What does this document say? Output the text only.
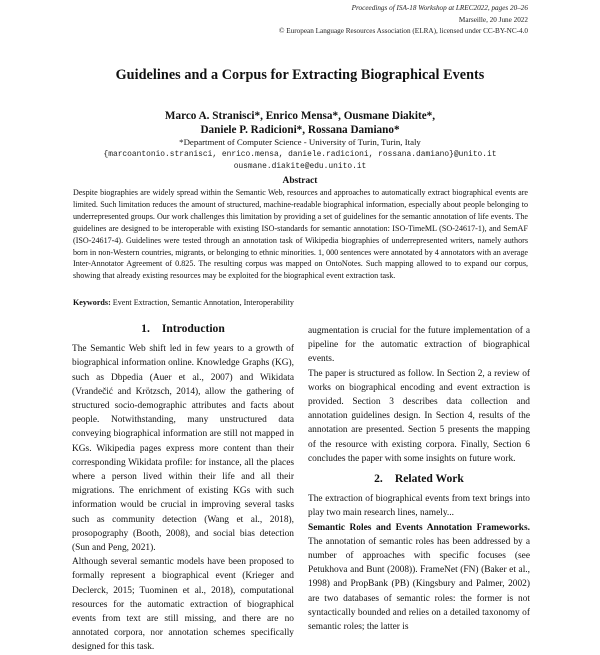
Proceedings of ISA-18 Workshop at LREC2022, pages 20–26
Marseille, 20 June 2022
© European Language Resources Association (ELRA), licensed under CC-BY-NC-4.0
Guidelines and a Corpus for Extracting Biographical Events
Marco A. Stranisci*, Enrico Mensa*, Ousmane Diakite*,
Daniele P. Radicioni*, Rossana Damiano*
*Department of Computer Science - University of Turin, Turin, Italy
{marcoantonio.stranisci, enrico.mensa, daniele.radicioni, rossana.damiano}@unito.it
ousmane.diakite@edu.unito.it
Abstract
Despite biographies are widely spread within the Semantic Web, resources and approaches to automatically extract biographical events are limited. Such limitation reduces the amount of structured, machine-readable biographical information, especially about people belonging to underrepresented groups. Our work challenges this limitation by providing a set of guidelines for the semantic annotation of life events. The guidelines are designed to be interoperable with existing ISO-standards for semantic annotation: ISO-TimeML (SO-24617-1), and SemAF (ISO-24617-4). Guidelines were tested through an annotation task of Wikipedia biographies of underrepresented writers, namely authors born in non-Western countries, migrants, or belonging to ethnic minorities. 1, 000 sentences were annotated by 4 annotators with an average Inter-Annotator Agreement of 0.825. The resulting corpus was mapped on OntoNotes. Such mapping allowed to to expand our corpus, showing that already existing resources may be exploited for the biographical event extraction task.
Keywords: Event Extraction, Semantic Annotation, Interoperability
1. Introduction

The Semantic Web shift led in few years to a growth of biographical information online. Knowledge Graphs (KG), such as Dbpedia (Auer et al., 2007) and Wikidata (Vrandečić and Krötzsch, 2014), allow the gathering of structured socio-demographic attributes and facts about people. Notwithstanding, many unstructured data conveying biographical information are still not mapped in KGs. Wikipedia pages express more content than their corresponding Wikidata profile: for instance, all the places where a person lived within their life and all their migrations. The enrichment of existing KGs with such information would be crucial in improving several tasks such as community detection (Wang et al., 2018), prosopography (Booth, 2008), and social bias detection (Sun and Peng, 2021).

Although several semantic models have been proposed to formally represent a biographical event (Krieger and Declerck, 2015; Tuominen et al., 2018), computational resources for the automatic extraction of biographical events from text are still missing, and there are no annotated corpora, nor annotation schemes specifically designed for this task.

augmentation is crucial for the future implementation of a pipeline for the automatic extraction of biographical events.

The paper is structured as follow. In Section 2, a review of works on biographical encoding and event extraction is provided. Section 3 describes data collection and annotation guidelines design. In Section 4, results of the annotation are presented. Section 5 presents the mapping of the resource with existing corpora. Finally, Section 6 concludes the paper with some insights on future work.

2. Related Work

The extraction of biographical events from text brings into play two main research lines, namely...

Semantic Roles and Events Annotation Frameworks. The annotation of semantic roles has been addressed by a number of approaches with specific focuses (see Petukhova and Bunt (2008)). FrameNet (FN) (Baker et al., 1998) and PropBank (PB) (Kingsbury and Palmer, 2002) are two databases of semantic roles: the former is not syntactically bounded and relies on a detailed taxonomy of semantic roles; the latter is
